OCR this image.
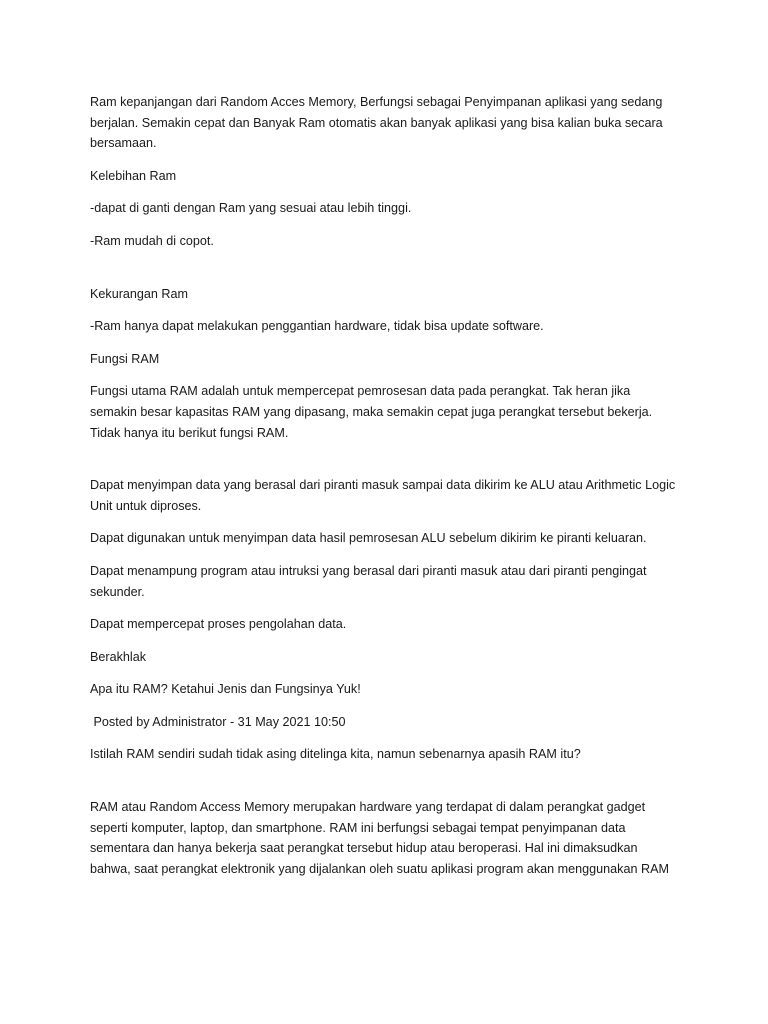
Ram kepanjangan dari Random Acces Memory, Berfungsi sebagai Penyimpanan aplikasi yang sedang berjalan. Semakin cepat dan Banyak Ram otomatis akan banyak aplikasi yang bisa kalian buka secara bersamaan.

Kelebihan Ram

-dapat di ganti dengan Ram yang sesuai atau lebih tinggi.

-Ram mudah di copot.

Kekurangan Ram

-Ram hanya dapat melakukan penggantian hardware, tidak bisa update software.

Fungsi RAM

Fungsi utama RAM adalah untuk mempercepat pemrosesan data pada perangkat. Tak heran jika semakin besar kapasitas RAM yang dipasang, maka semakin cepat juga perangkat tersebut bekerja. Tidak hanya itu berikut fungsi RAM.

Dapat menyimpan data yang berasal dari piranti masuk sampai data dikirim ke ALU atau Arithmetic Logic Unit untuk diproses.

Dapat digunakan untuk menyimpan data hasil pemrosesan ALU sebelum dikirim ke piranti keluaran.

Dapat menampung program atau intruksi yang berasal dari piranti masuk atau dari piranti pengingat sekunder.

Dapat mempercepat proses pengolahan data.

Berakhlak

Apa itu RAM? Ketahui Jenis dan Fungsinya Yuk!

Posted by Administrator - 31 May 2021 10:50

Istilah RAM sendiri sudah tidak asing ditelinga kita, namun sebenarnya apasih RAM itu?

RAM atau Random Access Memory merupakan hardware yang terdapat di dalam perangkat gadget seperti komputer, laptop, dan smartphone. RAM ini berfungsi sebagai tempat penyimpanan data sementara dan hanya bekerja saat perangkat tersebut hidup atau beroperasi. Hal ini dimaksudkan bahwa, saat perangkat elektronik yang dijalankan oleh suatu aplikasi program akan menggunakan RAM
